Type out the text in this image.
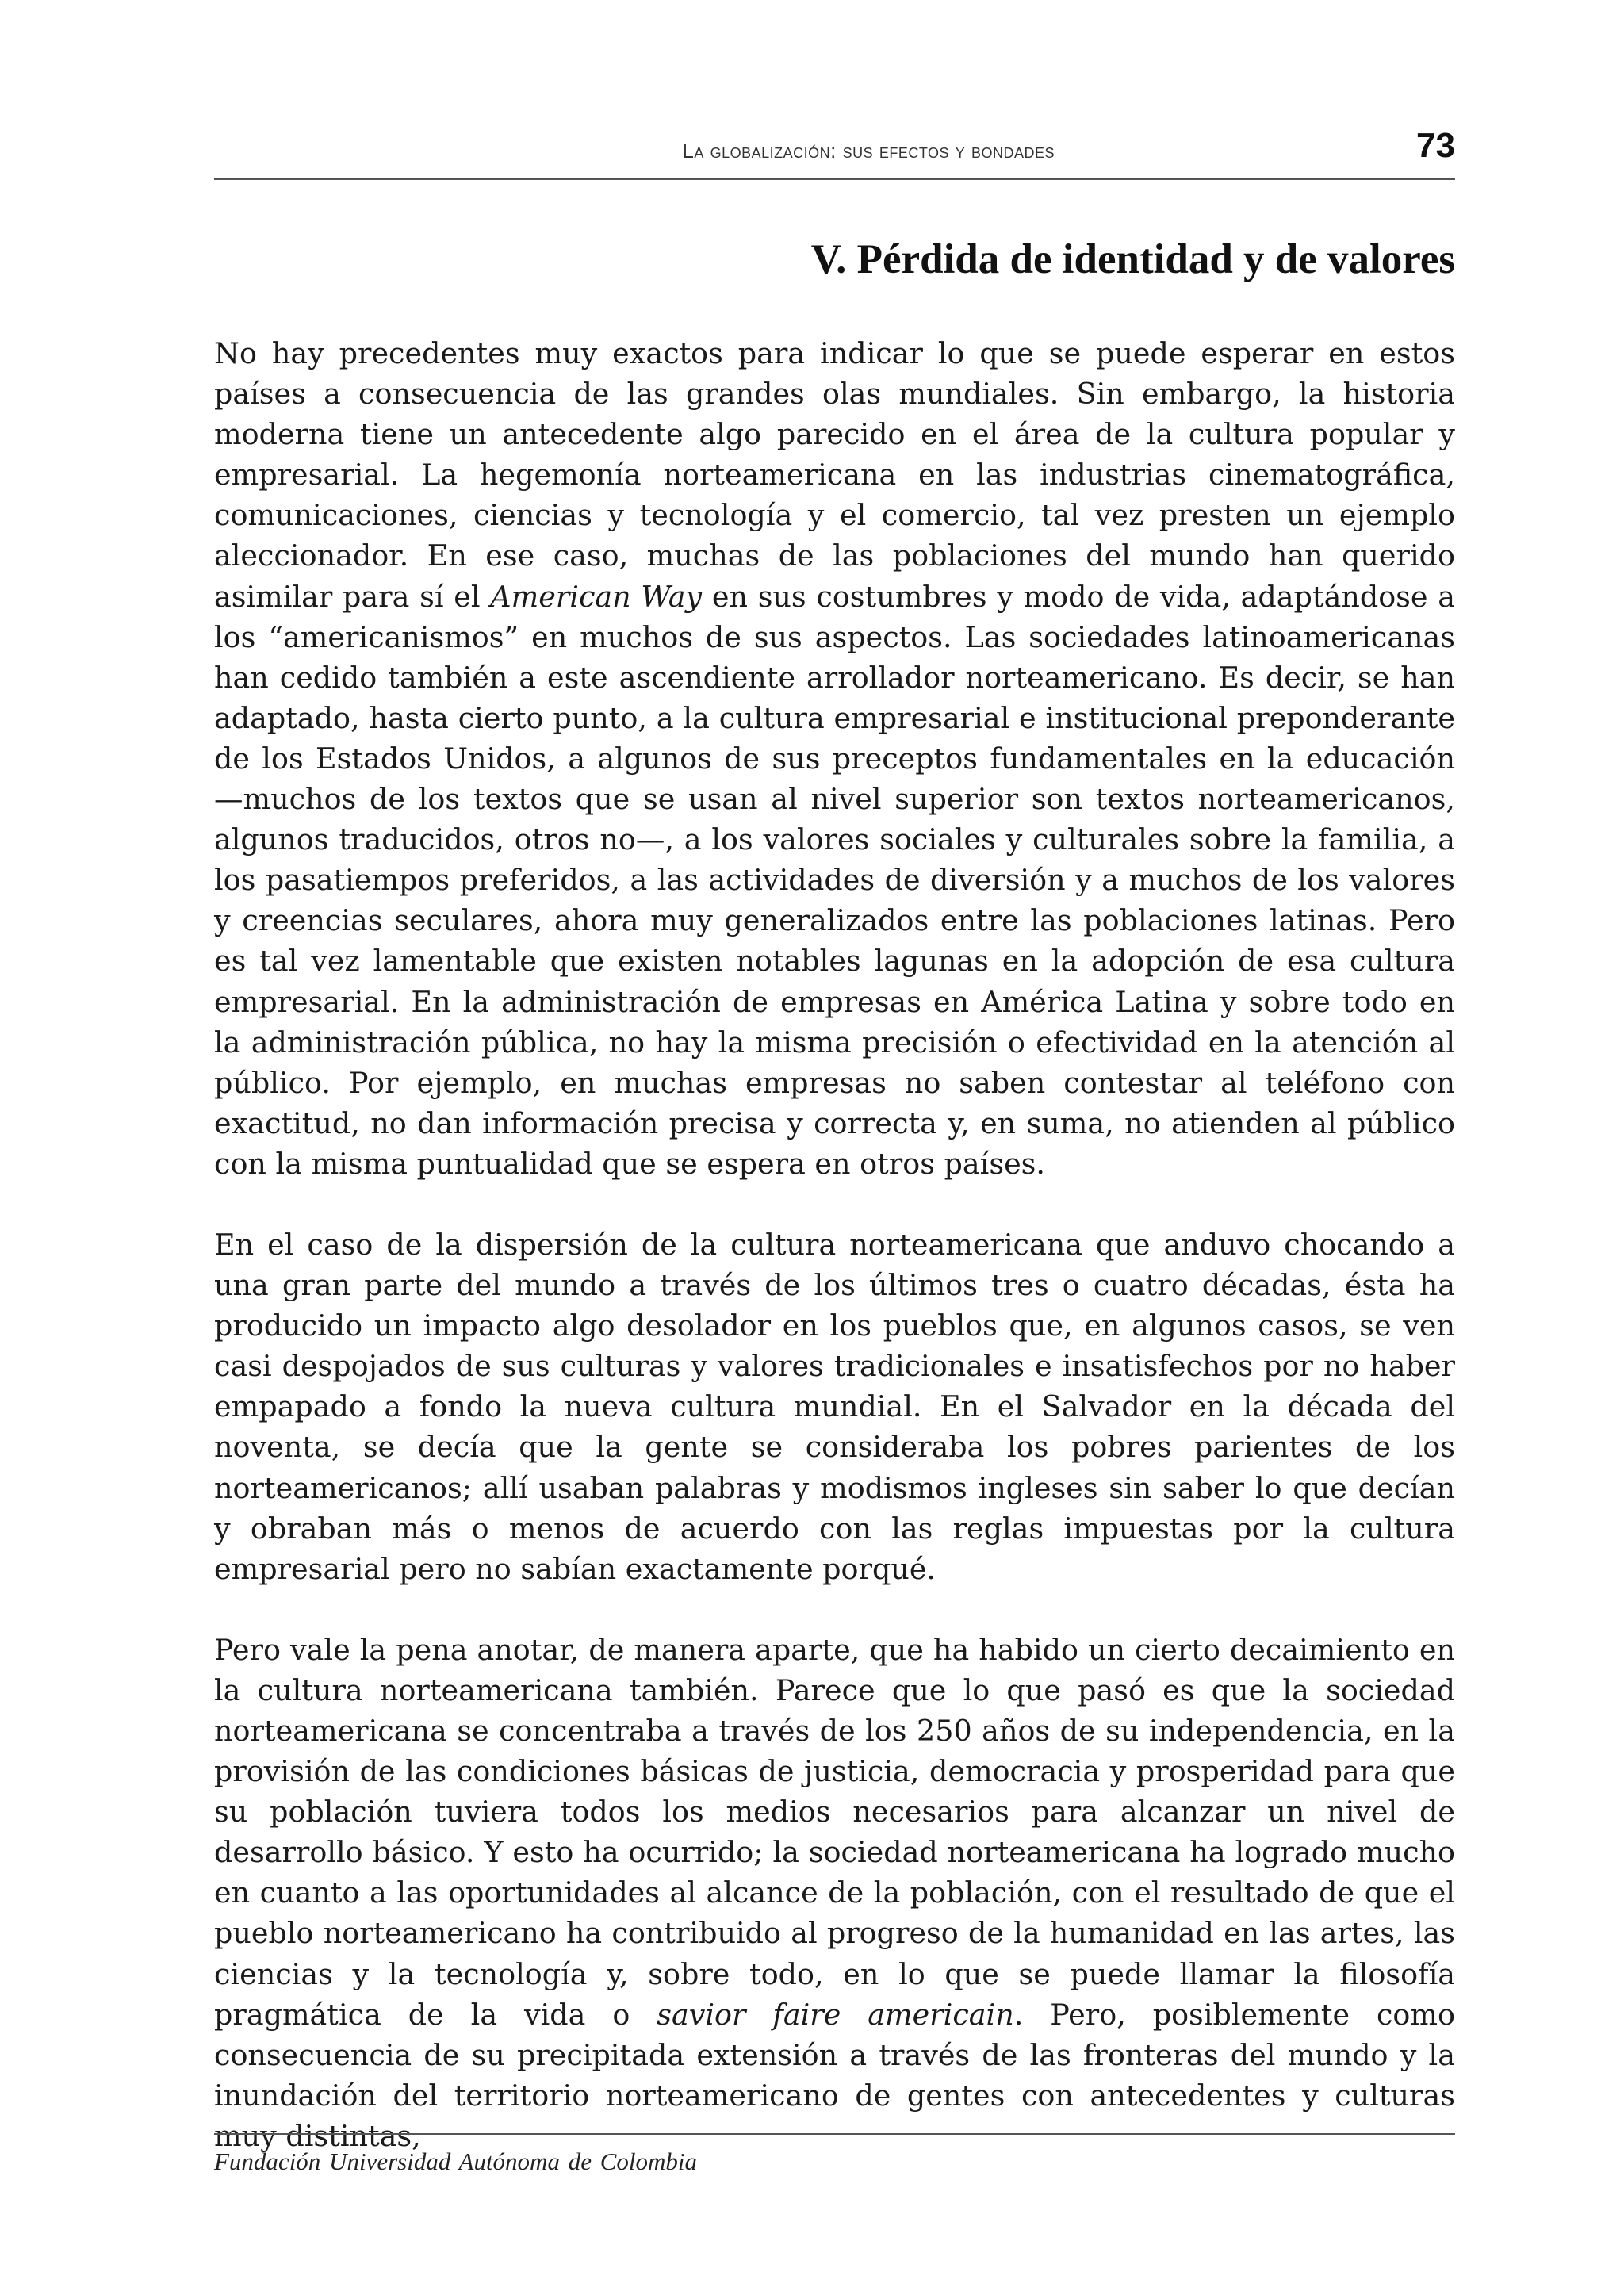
La globalización: sus efectos y bondades	73
V. Pérdida de identidad y de valores

No hay precedentes muy exactos para indicar lo que se puede esperar en estos países a consecuencia de las grandes olas mundiales. Sin embargo, la historia moderna tiene un antecedente algo parecido en el área de la cultura popular y empresarial. La hegemonía norteamericana en las industrias cinematográfica, comunicaciones, ciencias y tecnología y el comercio, tal vez presten un ejemplo aleccionador. En ese caso, muchas de las poblaciones del mundo han querido asimilar para sí el American Way en sus costumbres y modo de vida, adaptándose a los “americanismos” en muchos de sus aspectos. Las sociedades latinoamericanas han cedido también a este ascendiente arrollador norteamericano. Es decir, se han adaptado, hasta cierto punto, a la cultura empresarial e institucional preponderante de los Estados Unidos, a algunos de sus preceptos fundamentales en la educación —muchos de los textos que se usan al nivel superior son textos norteamericanos, algunos traducidos, otros no—, a los valores sociales y culturales sobre la familia, a los pasatiempos preferidos, a las actividades de diversión y a muchos de los valores y creencias seculares, ahora muy generalizados entre las poblaciones latinas. Pero es tal vez lamentable que existen notables lagunas en la adopción de esa cultura empresarial. En la administración de empresas en América Latina y sobre todo en la administración pública, no hay la misma precisión o efectividad en la atención al público. Por ejemplo, en muchas empresas no saben contestar al teléfono con exactitud, no dan información precisa y correcta y, en suma, no atienden al público con la misma puntualidad que se espera en otros países.

En el caso de la dispersión de la cultura norteamericana que anduvo chocando a una gran parte del mundo a través de los últimos tres o cuatro décadas, ésta ha producido un impacto algo desolador en los pueblos que, en algunos casos, se ven casi despojados de sus culturas y valores tradicionales e insatisfechos por no haber empapado a fondo la nueva cultura mundial. En el Salvador en la década del noventa, se decía que la gente se consideraba los pobres parientes de los norteamericanos; allí usaban palabras y modismos ingleses sin saber lo que decían y obraban más o menos de acuerdo con las reglas impuestas por la cultura empresarial pero no sabían exactamente porqué.

Pero vale la pena anotar, de manera aparte, que ha habido un cierto decaimiento en la cultura norteamericana también. Parece que lo que pasó es que la sociedad norteamericana se concentraba a través de los 250 años de su independencia, en la provisión de las condiciones básicas de justicia, democracia y prosperidad para que su población tuviera todos los medios necesarios para alcanzar un nivel de desarrollo básico. Y esto ha ocurrido; la sociedad norteamericana ha logrado mucho en cuanto a las oportunidades al alcance de la población, con el resultado de que el pueblo norteamericano ha contribuido al progreso de la humanidad en las artes, las ciencias y la tecnología y, sobre todo, en lo que se puede llamar la filosofía pragmática de la vida o savior faire americain. Pero, posiblemente como consecuencia de su precipitada extensión a través de las fronteras del mundo y la inundación del territorio norteamericano de gentes con antecedentes y culturas muy distintas,

Fundación Universidad Autónoma de Colombia
